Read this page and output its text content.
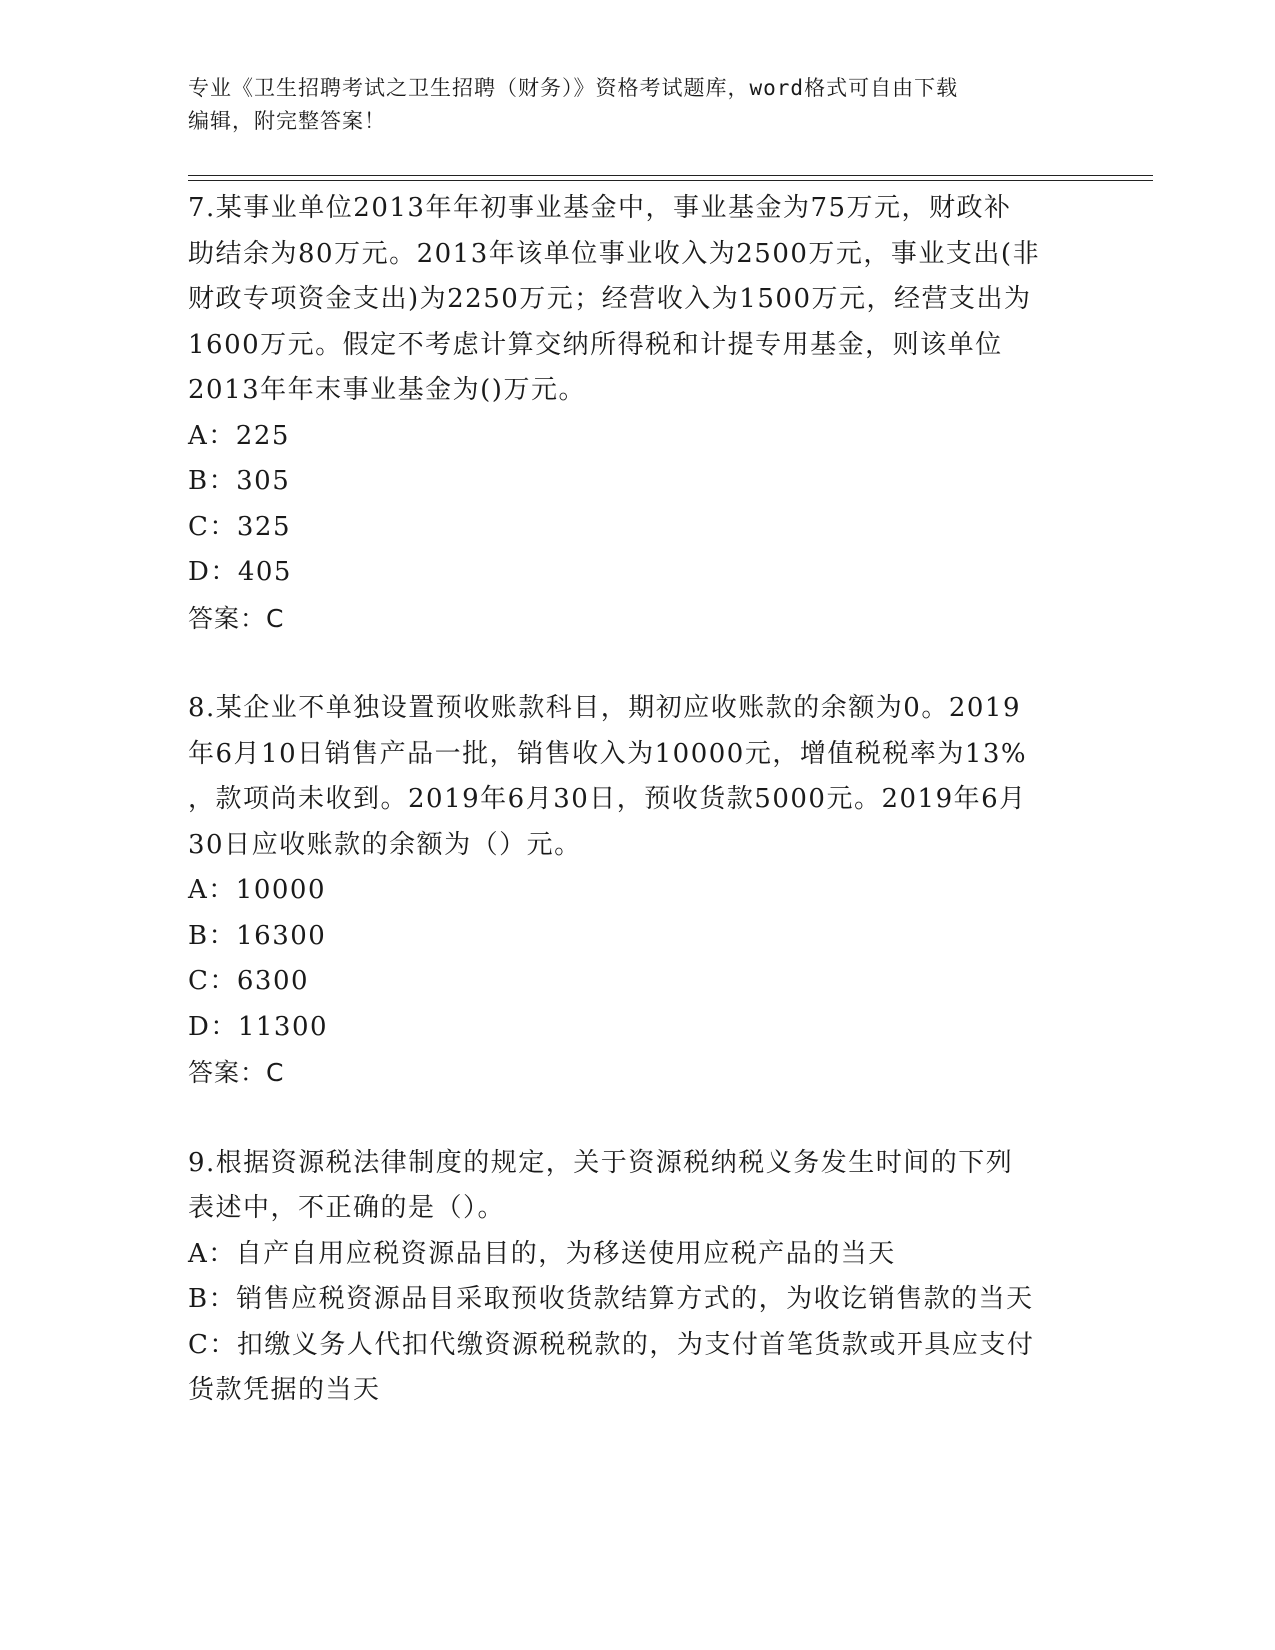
专业《卫生招聘考试之卫生招聘（财务）》资格考试题库，word格式可自由下载
编辑，附完整答案！
7.某事业单位2013年年初事业基金中，事业基金为75万元，财政补
助结余为80万元。2013年该单位事业收入为2500万元，事业支出(非
财政专项资金支出)为2250万元；经营收入为1500万元，经营支出为
1600万元。假定不考虑计算交纳所得税和计提专用基金，则该单位
2013年年末事业基金为()万元。
A：225
B：305
C：325
D：405
答案：C
8.某企业不单独设置预收账款科目，期初应收账款的余额为0。2019
年6月10日销售产品一批，销售收入为10000元，增值税税率为13%
，款项尚未收到。2019年6月30日，预收货款5000元。2019年6月
30日应收账款的余额为（）元。
A：10000
B：16300
C：6300
D：11300
答案：C
9.根据资源税法律制度的规定，关于资源税纳税义务发生时间的下列
表述中，不正确的是（）。
A：自产自用应税资源品目的，为移送使用应税产品的当天
B：销售应税资源品目采取预收货款结算方式的，为收讫销售款的当天
C：扣缴义务人代扣代缴资源税税款的，为支付首笔货款或开具应支付
货款凭据的当天
